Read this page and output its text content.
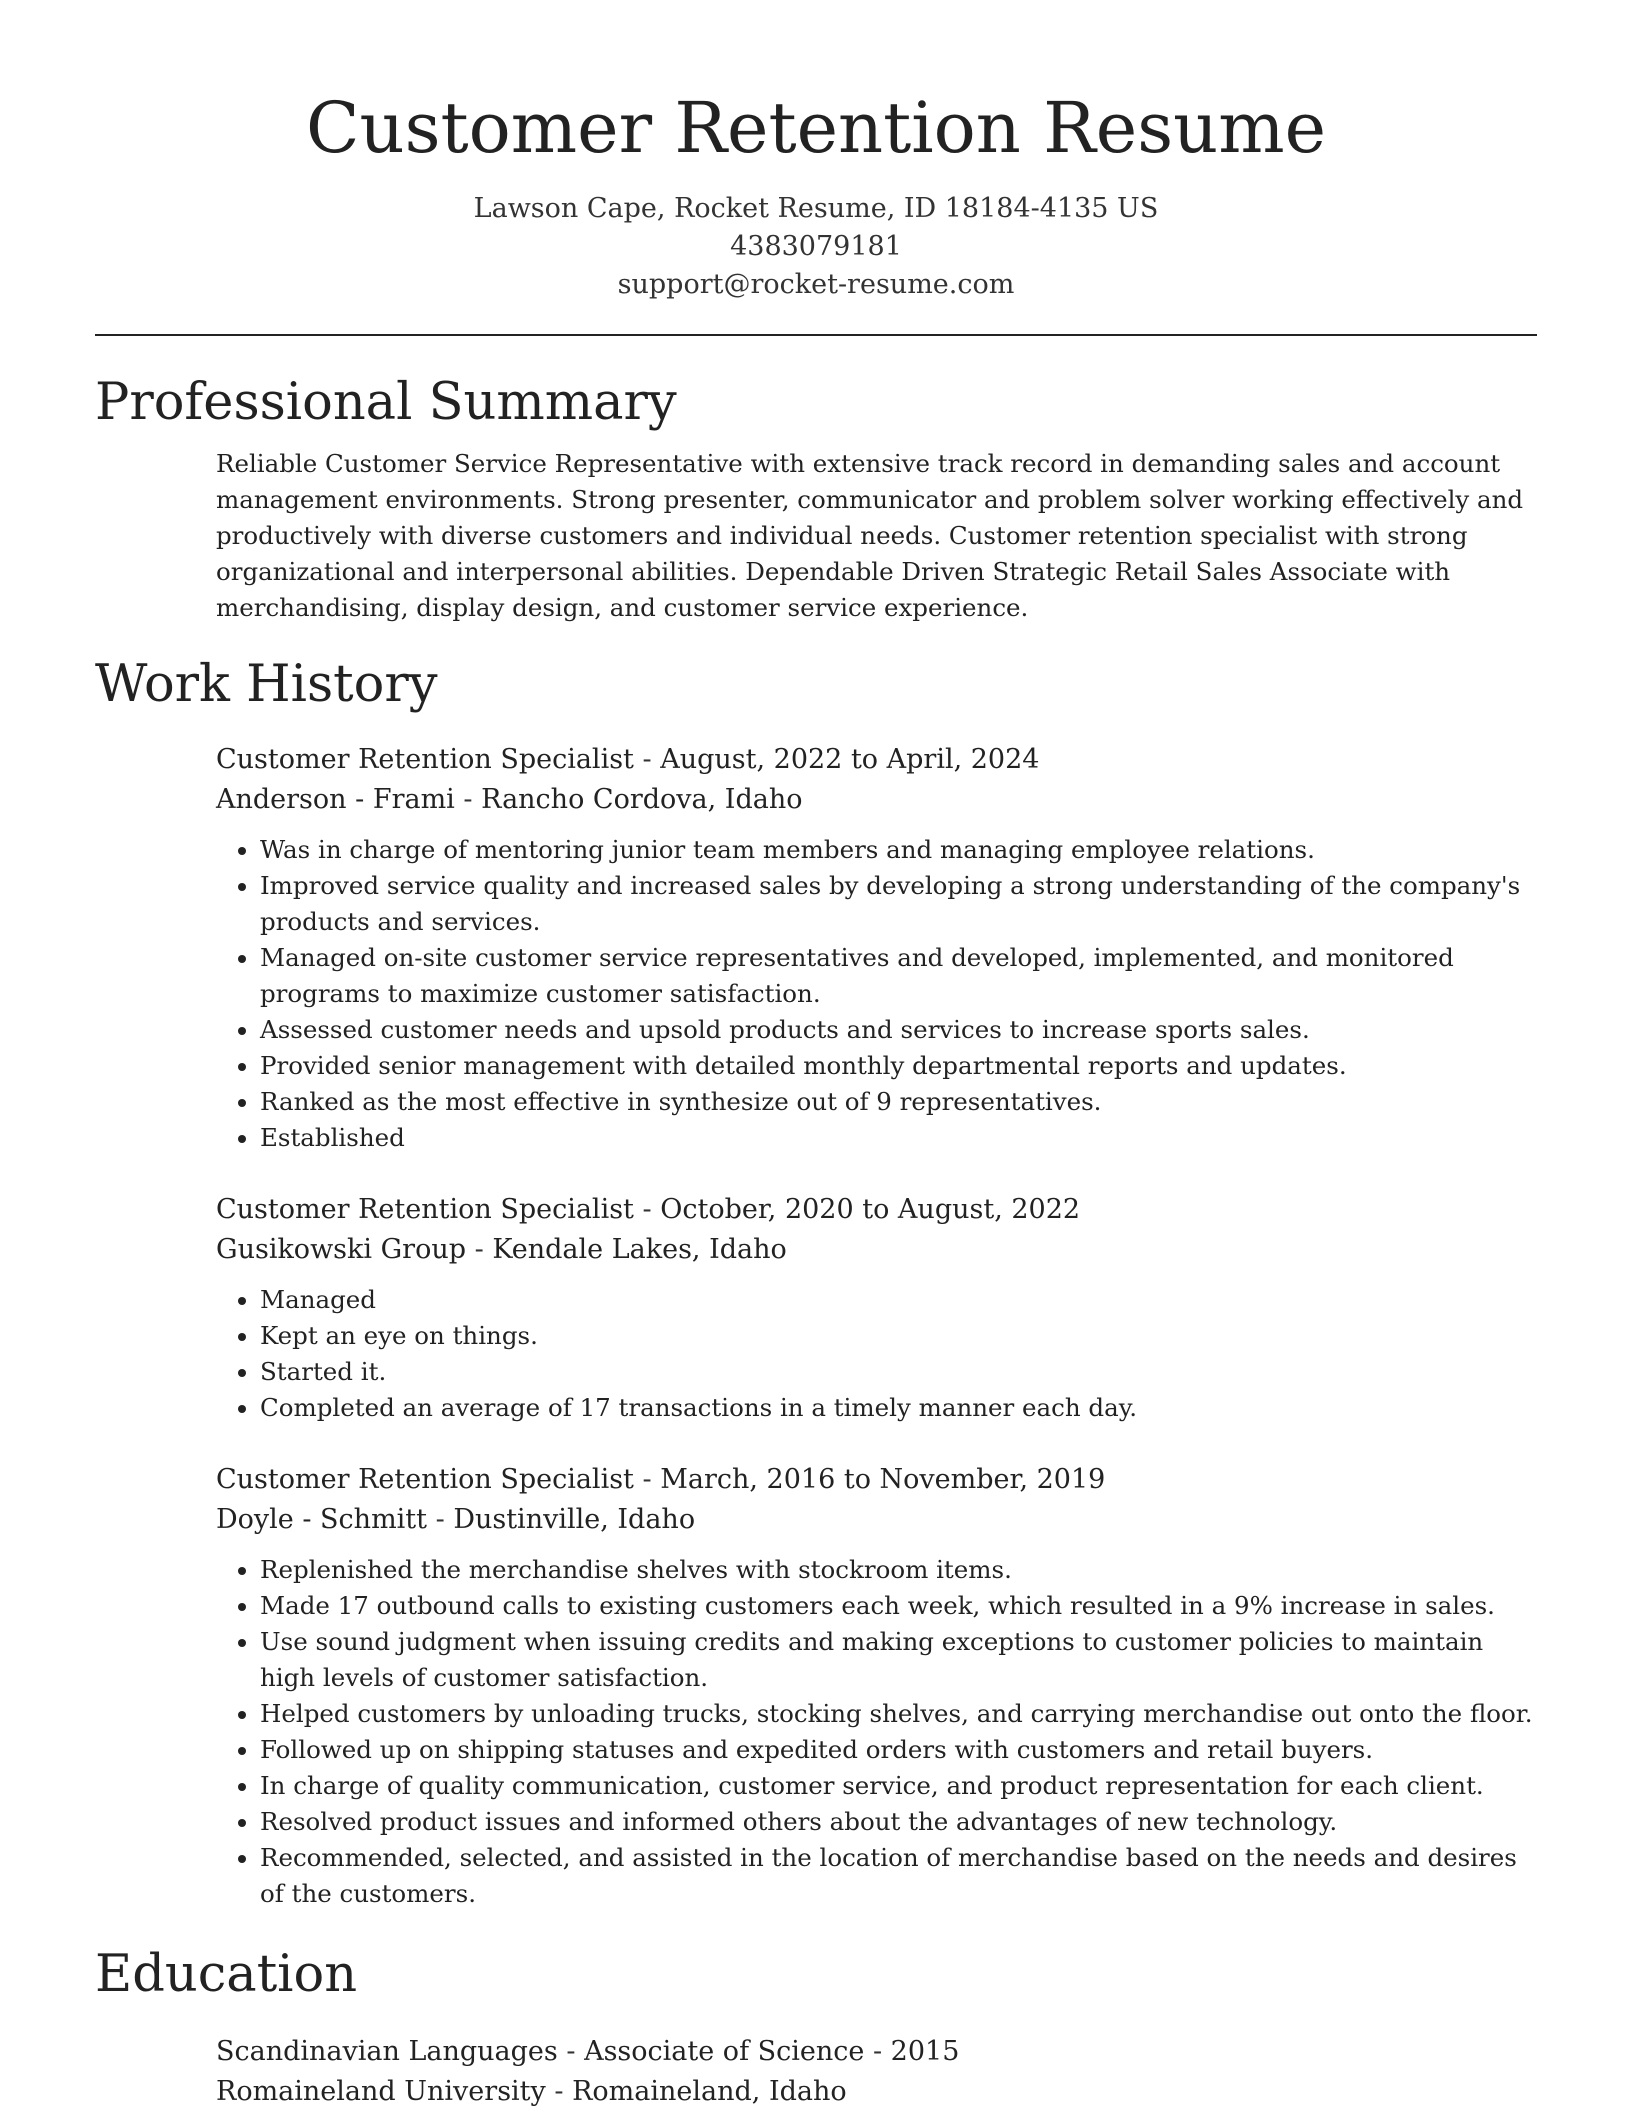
Customer Retention Resume
Lawson Cape, Rocket Resume, ID 18184-4135 US
4383079181
support@rocket-resume.com
Professional Summary

Reliable Customer Service Representative with extensive track record in demanding sales and account management environments. Strong presenter, communicator and problem solver working effectively and productively with diverse customers and individual needs. Customer retention specialist with strong organizational and interpersonal abilities. Dependable Driven Strategic Retail Sales Associate with merchandising, display design, and customer service experience.

Work History
Customer Retention Specialist - August, 2022 to April, 2024
Anderson - Frami - Rancho Cordova, Idaho
• Was in charge of mentoring junior team members and managing employee relations.
• Improved service quality and increased sales by developing a strong understanding of the company's products and services.
• Managed on-site customer service representatives and developed, implemented, and monitored programs to maximize customer satisfaction.
• Assessed customer needs and upsold products and services to increase sports sales.
• Provided senior management with detailed monthly departmental reports and updates.
• Ranked as the most effective in synthesize out of 9 representatives.
• Established
Customer Retention Specialist - October, 2020 to August, 2022
Gusikowski Group - Kendale Lakes, Idaho
• Managed
• Kept an eye on things.
• Started it.
• Completed an average of 17 transactions in a timely manner each day.
Customer Retention Specialist - March, 2016 to November, 2019
Doyle - Schmitt - Dustinville, Idaho
• Replenished the merchandise shelves with stockroom items.
• Made 17 outbound calls to existing customers each week, which resulted in a 9% increase in sales.
• Use sound judgment when issuing credits and making exceptions to customer policies to maintain high levels of customer satisfaction.
• Helped customers by unloading trucks, stocking shelves, and carrying merchandise out onto the floor.
• Followed up on shipping statuses and expedited orders with customers and retail buyers.
• In charge of quality communication, customer service, and product representation for each client.
• Resolved product issues and informed others about the advantages of new technology.
• Recommended, selected, and assisted in the location of merchandise based on the needs and desires of the customers.
Education
Scandinavian Languages - Associate of Science - 2015
Romaineland University - Romaineland, Idaho
